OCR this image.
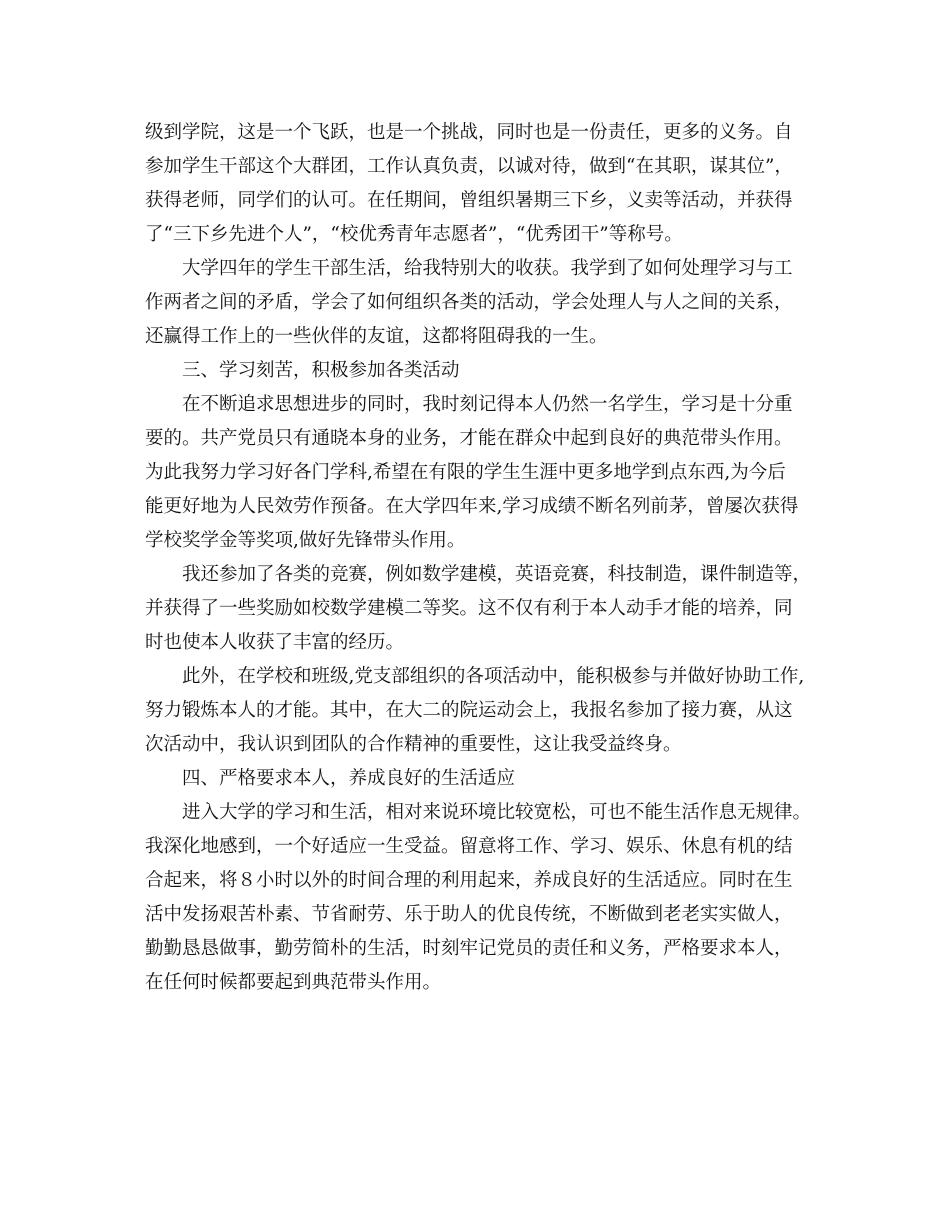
级到学院，这是一个飞跃，也是一个挑战，同时也是一份责任，更多的义务。自
参加学生干部这个大群团，工作认真负责，以诚对待，做到“在其职，谋其位”，
获得老师，同学们的认可。在任期间，曾组织暑期三下乡，义卖等活动，并获得
了“三下乡先进个人”，“校优秀青年志愿者”，“优秀团干”等称号。
大学四年的学生干部生活，给我特别大的收获。我学到了如何处理学习与工
作两者之间的矛盾，学会了如何组织各类的活动，学会处理人与人之间的关系，
还赢得工作上的一些伙伴的友谊，这都将阻碍我的一生。
三、学习刻苦，积极参加各类活动
在不断追求思想进步的同时，我时刻记得本人仍然一名学生，学习是十分重
要的。共产党员只有通晓本身的业务，才能在群众中起到良好的典范带头作用。
为此我努力学习好各门学科,希望在有限的学生生涯中更多地学到点东西,为今后
能更好地为人民效劳作预备。在大学四年来,学习成绩不断名列前茅，曾屡次获得
学校奖学金等奖项,做好先锋带头作用。
我还参加了各类的竞赛，例如数学建模，英语竞赛，科技制造，课件制造等，
并获得了一些奖励如校数学建模二等奖。这不仅有利于本人动手才能的培养，同
时也使本人收获了丰富的经历。
此外，在学校和班级,党支部组织的各项活动中，能积极参与并做好协助工作,
努力锻炼本人的才能。其中，在大二的院运动会上，我报名参加了接力赛，从这
次活动中，我认识到团队的合作精神的重要性，这让我受益终身。
四、严格要求本人，养成良好的生活适应
进入大学的学习和生活，相对来说环境比较宽松，可也不能生活作息无规律。
我深化地感到，一个好适应一生受益。留意将工作、学习、娱乐、休息有机的结
合起来，将８小时以外的时间合理的利用起来，养成良好的生活适应。同时在生
活中发扬艰苦朴素、节省耐劳、乐于助人的优良传统，不断做到老老实实做人，
勤勤恳恳做事，勤劳简朴的生活，时刻牢记党员的责任和义务，严格要求本人，
在任何时候都要起到典范带头作用。
